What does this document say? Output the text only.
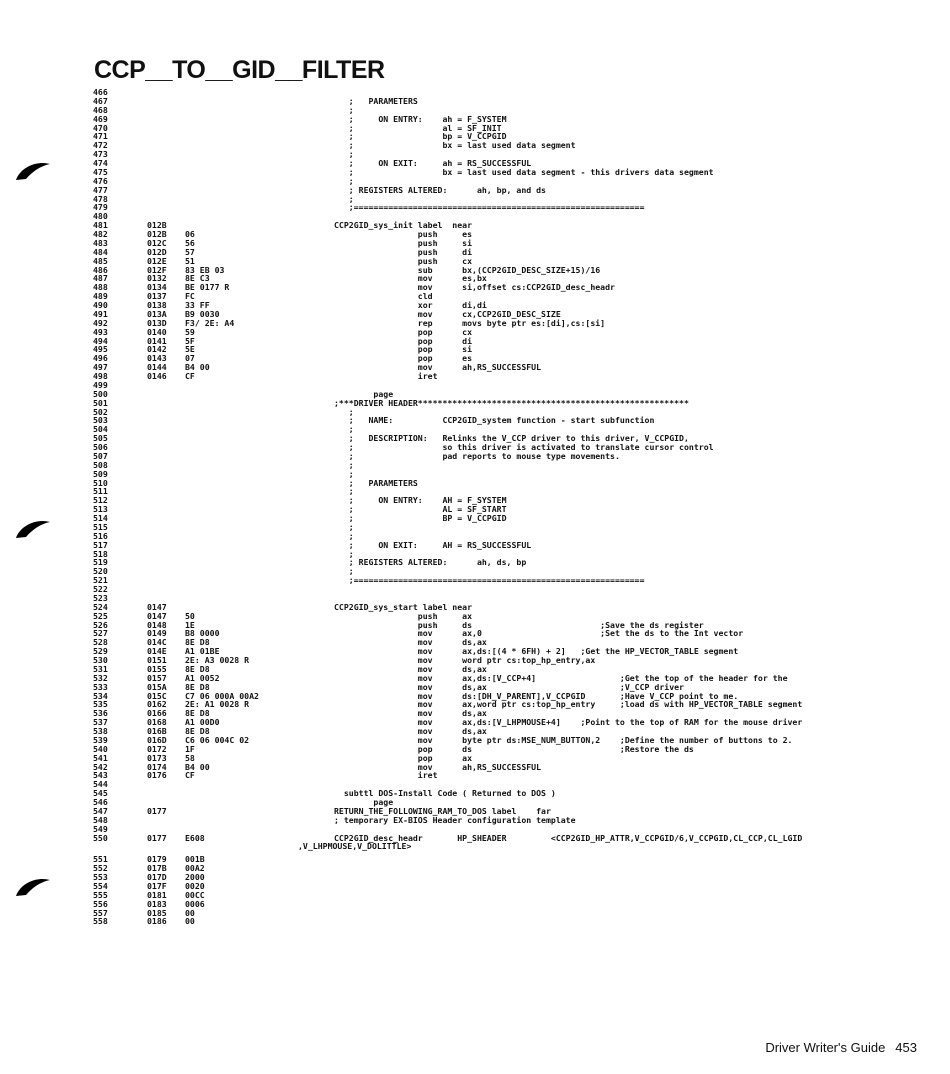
CCP__TO__GID__FILTER
466
467	;   PARAMETERS
468	;
469	;     ON ENTRY:    ah = F_SYSTEM
470	;                  al = SF_INIT
471	;                  bp = V_CCPGID
472	;                  bx = last used data segment
473	;
474	;     ON EXIT:     ah = RS_SUCCESSFUL
475	;                  bx = last used data segment - this drivers data segment
476	;
477	; REGISTERS ALTERED:      ah, bp, and ds
478	;
479	;===========================================================
480
481	012B	CCP2GID_sys_init label  near
482	012B 06	push     es
483	012C 56	push     si
484	012D 57	push     di
485	012E 51	push     cx
486	012F 83 EB 03	sub      bx,(CCP2GID_DESC_SIZE+15)/16
487	0132 8E C3	mov      es,bx
488	0134 BE 0177 R	mov      si,offset cs:CCP2GID_desc_headr
489	0137 FC	cld
490	0138 33 FF	xor      di,di
491	013A B9 0030	mov      cx,CCP2GID_DESC_SIZE
492	013D F3/ 2E: A4	rep      movs byte ptr es:[di],cs:[si]
493	0140 59	pop      cx
494	0141 5F	pop      di
495	0142 5E	pop      si
496	0143 07	pop      es
497	0144 B4 00	mov      ah,RS_SUCCESSFUL
498	0146 CF	iret
499
500	page
501	;***DRIVER HEADER*******************************************************
502	;
503	;   NAME:          CCP2GID_system function - start subfunction
504	;
505	;   DESCRIPTION:   Relinks the V_CCP driver to this driver, V_CCPGID,
506	;                  so this driver is activated to translate cursor control
507	;                  pad reports to mouse type movements.
508	;
509	;
510	;   PARAMETERS
511	;
512	;     ON ENTRY:    AH = F_SYSTEM
513	;                  AL = SF_START
514	;                  BP = V_CCPGID
515	;
516	;
517	;     ON EXIT:     AH = RS_SUCCESSFUL
518	;
519	; REGISTERS ALTERED:      ah, ds, bp
520	;
521	;===========================================================
522
523
524	0147	CCP2GID_sys_start label near
525	0147 50	push     ax
526	0148 1E	push     ds                          ;Save the ds register
527	0149 B8 0000	mov      ax,0                        ;Set the ds to the Int vector
528	014C 8E D8	mov      ds,ax
529	014E A1 01BE	mov      ax,ds:[(4 * 6FH) + 2]   ;Get the HP_VECTOR_TABLE segment
530	0151 2E: A3 0028 R	mov      word ptr cs:top_hp_entry,ax
531	0155 8E D8	mov      ds,ax
532	0157 A1 0052	mov      ax,ds:[V_CCP+4]                 ;Get the top of the header for the
533	015A 8E D8	mov      ds,ax                           ;V_CCP driver
534	015C C7 06 000A 00A2	mov      ds:[DH_V_PARENT],V_CCPGID       ;Have V_CCP point to me.
535	0162 2E: A1 0028 R	mov      ax,word ptr cs:top_hp_entry     ;load ds with HP_VECTOR_TABLE segment
536	0166 8E D8	mov      ds,ax
537	0168 A1 00D0	mov      ax,ds:[V_LHPMOUSE+4]    ;Point to the top of RAM for the mouse driver
538	016B 8E D8	mov      ds,ax
539	016D C6 06 004C 02	mov      byte ptr ds:MSE_NUM_BUTTON,2    ;Define the number of buttons to 2.
540	0172 1F	pop      ds                              ;Restore the ds
541	0173 58	pop      ax
542	0174 B4 00	mov      ah,RS_SUCCESSFUL
543	0176 CF	iret
544
545	subttl DOS-Install Code ( Returned to DOS )
546	page
547	0177	RETURN_THE_FOLLOWING_RAM_TO_DOS label    far
548	; temporary EX-BIOS Header configuration template
549
550	0177 E608	CCP2GID_desc_headr       HP_SHEADER         <CCP2GID_HP_ATTR,V_CCPGID/6,V_CCPGID,CL_CCP,CL_LGID
,V_LHPMOUSE,V_DOLITTLE>
551	0179 001B
552	017B 00A2
553	017D 2000
554	017F 0020
555	0181 00CC
556	0183 0006
557	0185 00
558	0186 00
Driver Writer's Guide 453
